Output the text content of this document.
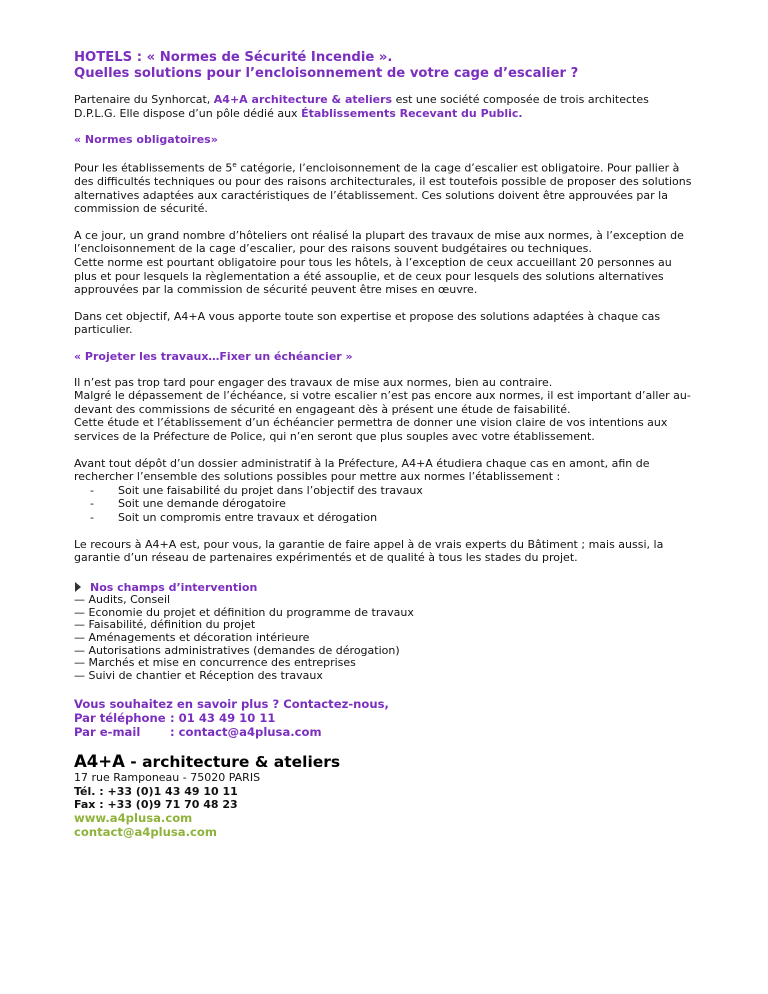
HOTELS : « Normes de Sécurité Incendie ».
Quelles solutions pour l’encloisonnement de votre cage d’escalier ?

Partenaire du Synhorcat, A4+A architecture & ateliers est une société composée de trois architectes
D.P.L.G. Elle dispose d’un pôle dédié aux Établissements Recevant du Public.

« Normes obligatoires»

Pour les établissements de 5e catégorie, l’encloisonnement de la cage d’escalier est obligatoire. Pour pallier à
des difficultés techniques ou pour des raisons architecturales, il est toutefois possible de proposer des solutions
alternatives adaptées aux caractéristiques de l’établissement. Ces solutions doivent être approuvées par la
commission de sécurité.

A ce jour, un grand nombre d’hôteliers ont réalisé la plupart des travaux de mise aux normes, à l’exception de
l’encloisonnement de la cage d’escalier, pour des raisons souvent budgétaires ou techniques.
Cette norme est pourtant obligatoire pour tous les hôtels, à l’exception de ceux accueillant 20 personnes au
plus et pour lesquels la règlementation a été assouplie, et de ceux pour lesquels des solutions alternatives
approuvées par la commission de sécurité peuvent être mises en œuvre.

Dans cet objectif, A4+A vous apporte toute son expertise et propose des solutions adaptées à chaque cas
particulier.

« Projeter les travaux…Fixer un échéancier »

Il n’est pas trop tard pour engager des travaux de mise aux normes, bien au contraire.
Malgré le dépassement de l’échéance, si votre escalier n’est pas encore aux normes, il est important d’aller au-
devant des commissions de sécurité en engageant dès à présent une étude de faisabilité.
Cette étude et l’établissement d’un échéancier permettra de donner une vision claire de vos intentions aux
services de la Préfecture de Police, qui n’en seront que plus souples avec votre établissement.

Avant tout dépôt d’un dossier administratif à la Préfecture, A4+A étudiera chaque cas en amont, afin de
rechercher l’ensemble des solutions possibles pour mettre aux normes l’établissement :

-	Soit une faisabilité du projet dans l’objectif des travaux
-	Soit une demande dérogatoire
-	Soit un compromis entre travaux et dérogation

Le recours à A4+A est, pour vous, la garantie de faire appel à de vrais experts du Bâtiment ; mais aussi, la
garantie d’un réseau de partenaires expérimentés et de qualité à tous les stades du projet.

Nos champs d’intervention
— Audits, Conseil
— Economie du projet et définition du programme de travaux
— Faisabilité, définition du projet
— Aménagements et décoration intérieure
— Autorisations administratives (demandes de dérogation)
— Marchés et mise en concurrence des entreprises
— Suivi de chantier et Réception des travaux
Vous souhaitez en savoir plus ? Contactez-nous,
Par téléphone : 01 43 49 10 11
Par e-mail	: contact@a4plusa.com
A4+A - architecture & ateliers
17 rue Ramponeau - 75020 PARIS
Tél. : +33 (0)1 43 49 10 11
Fax : +33 (0)9 71 70 48 23
www.a4plusa.com
contact@a4plusa.com
